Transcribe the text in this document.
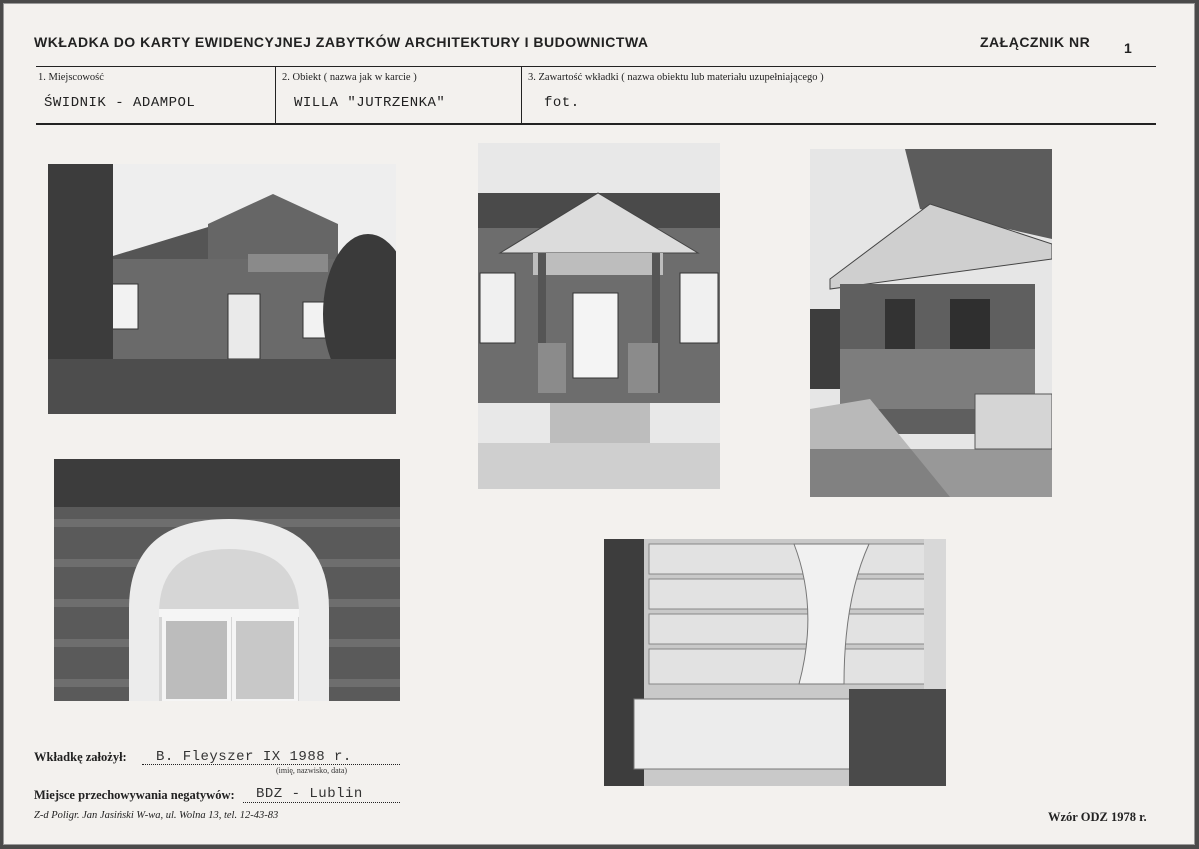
WKŁADKA DO KARTY EWIDENCYJNEJ ZABYTKÓW ARCHITEKTURY I BUDOWNICTWA	ZAŁĄCZNIK NR 1
1. Miejscowość
ŚWIDNIK - ADAMPOL
2. Obiekt ( nazwa jak w karcie )
WILLA "JUTRZENKA"
3. Zawartość wkładki ( nazwa obiektu lub materiału uzupełniającego )
fot.
Wkładkę założył: B. Fleyszer IX 1988 r.
(imię, nazwisko, data)
Miejsce przechowywania negatywów: BDZ - Lublin
Z-d Poligr. Jan Jasiński W-wa, ul. Wolna 13, tel. 12-43-83	Wzór ODZ 1978 r.
